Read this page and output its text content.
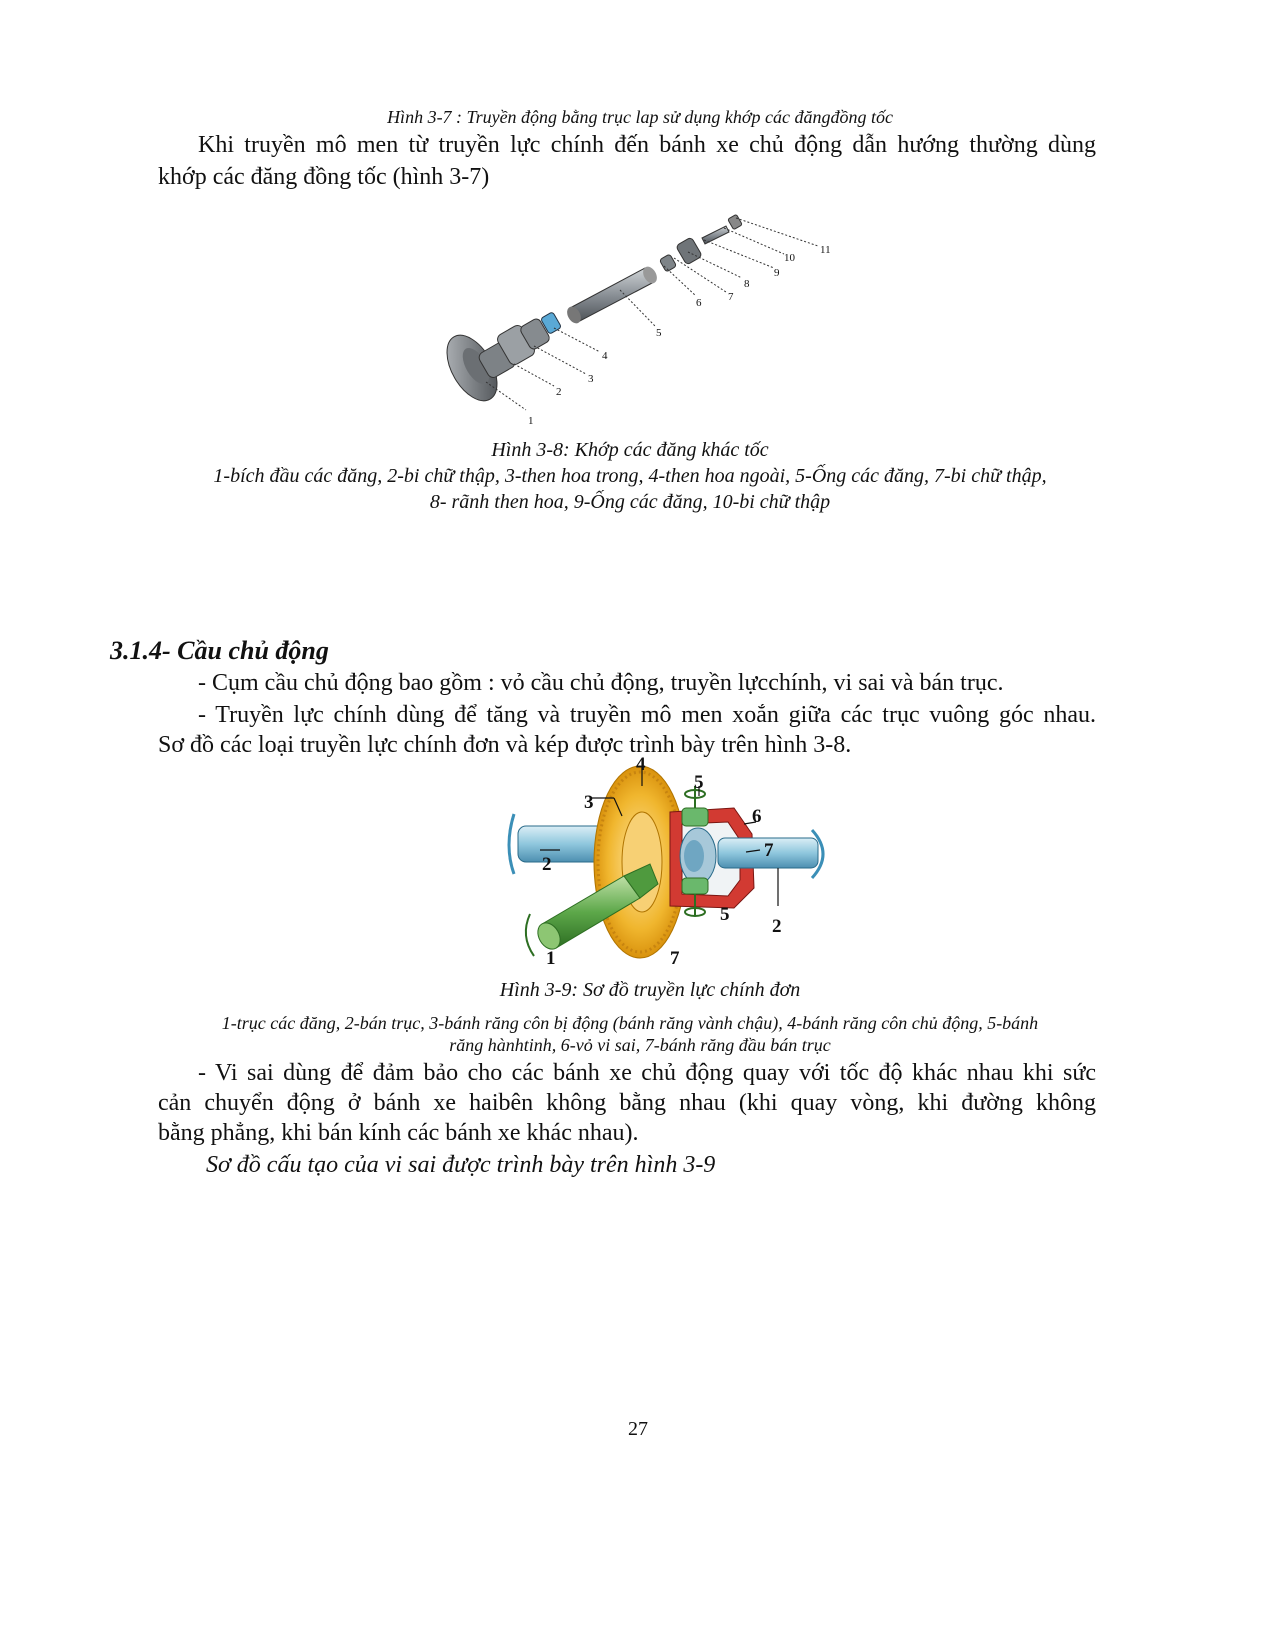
Hình 3-7 : Truyền động bằng trục lap sử dụng khớp các đăngđồng tốc
Khi truyền mô men từ truyền lực chính đến bánh xe chủ động dẫn hướng thường dùng
khớp các đăng đồng tốc (hình 3-7)
1
2
3
4
5
6 7
8
9
10
11
Hình 3-8: Khớp các đăng khác tốc
1-bích đầu các đăng, 2-bi chữ thập, 3-then hoa trong, 4-then hoa ngoài, 5-Ống các đăng, 7-bi chữ thập,
8- rãnh then hoa, 9-Ống các đăng, 10-bi chữ thập
3.1.4- Cầu chủ động
- Cụm cầu chủ động bao gồm : vỏ cầu chủ động, truyền lựcchính, vi sai và bán trục.
- Truyền lực chính dùng để tăng và truyền mô men xoắn giữa các trục vuông góc nhau.
Sơ đồ các loại truyền lực chính đơn và kép được trình bày trên hình 3-8.
1
2
2
3
4
5
5
6
7
7
Hình 3-9: Sơ đồ truyền lực chính đơn
1-trục các đăng, 2-bán trục, 3-bánh răng côn bị động (bánh răng vành chậu), 4-bánh răng côn chủ động, 5-bánh
răng hànhtinh, 6-vỏ vi sai, 7-bánh răng đầu bán trục
- Vi sai dùng để đảm bảo cho các bánh xe chủ động quay với tốc độ khác nhau khi sức
cản chuyển động ở bánh xe haibên không bằng nhau (khi quay vòng, khi đường không
bằng phẳng, khi bán kính các bánh xe khác nhau).
Sơ đồ cấu tạo của vi sai được trình bày trên hình 3-9
27
